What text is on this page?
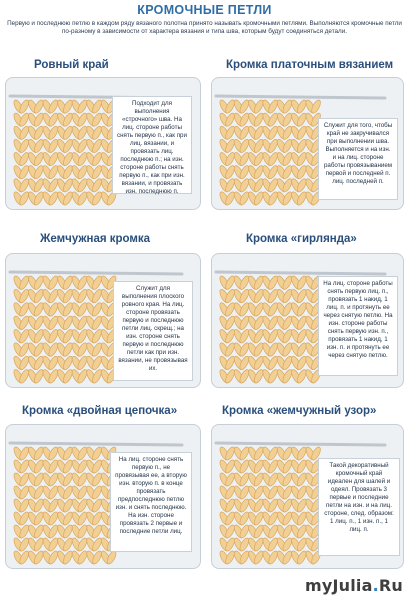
КРОМОЧНЫЕ ПЕТЛИ
Первую и последнюю петлю в каждом ряду вязаного полотна принято называть кромочными петлями. Выполняются кромочные петли по-разному в зависимости от характера вязания и типа шва, которым будут соединяться детали.
Ровный край
Подходит для выполнения «строчного» шва. На лиц. стороне работы снять первую п., как при лиц. вязании, и провязать лиц. последнюю п.; на изн. стороне работы снять первую п., как при изн. вязании, и провязать изн. последнюю п.
Кромка платочным вязанием
Служит для того, чтобы край не закручивался при выполнении шва. Выполняется и на изн. и на лиц. стороне работы провязыванием первой и последней п. лиц. последней п.
Жемчужная кромка
Служит для выполнения плоского ровного края. На лиц. стороне провязать первую и последнюю петли лиц. скрещ.; на изн. стороне снять первую и последнюю петли как при изн. вязании, не провязывая их.
Кромка «гирлянда»
На лиц. стороне работы снять первую лиц. п., провязать 1 накид, 1 лиц. п. и протянуть ее через снятую петлю. На изн. стороне работы снять первую изн. п., провязать 1 накид, 1 изн. п. и протянуть ее через снятую петлю.
Кромка «двойная цепочка»
На лиц. стороне снять первую п., не провязывая ее, а вторую изн. вторую п. в конце провязать предпоследнюю петлю изн. и снять последнюю. На изн. стороне провязать 2 первые и последние петли лиц.
Кромка «жемчужный узор»
Такой декоративный кромочный край идеален для шалей и одеял. Провязать 3 первые и последние петли на изн. и на лиц. стороне, след. образом: 1 лиц. п., 1 изн. п., 1 лиц. п.
myJulia.Ru
